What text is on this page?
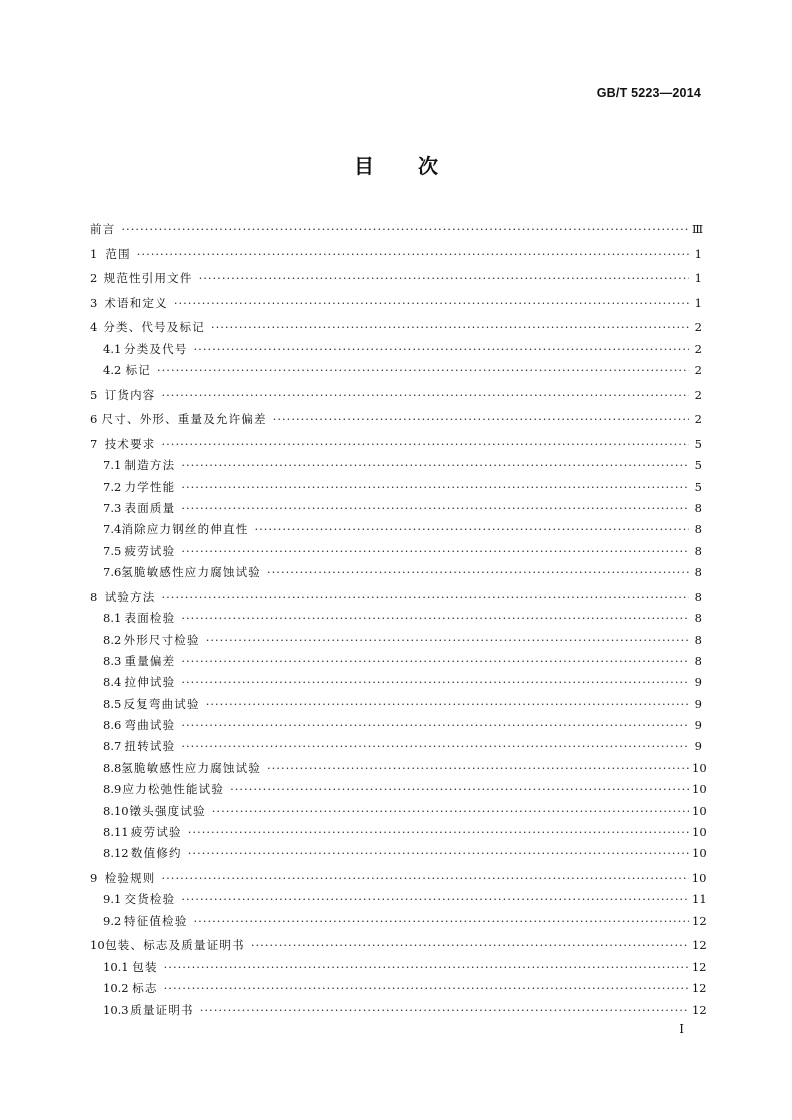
GB/T 5223—2014
目 次
前言 ·····	Ⅲ
1 范围 ·····	1
2 规范性引用文件 ·····	1
3 术语和定义 ·····	1
4 分类、代号及标记 ·····	2
4.1 分类及代号 ·····	2
4.2 标记 ·····	2
5 订货内容 ·····	2
6 尺寸、外形、重量及允许偏差 ·····	2
7 技术要求 ·····	5
7.1 制造方法 ·····	5
7.2 力学性能 ·····	5
7.3 表面质量 ·····	8
7.4 消除应力钢丝的伸直性 ·····	8
7.5 疲劳试验 ·····	8
7.6 氢脆敏感性应力腐蚀试验 ·····	8
8 试验方法 ·····	8
8.1 表面检验 ·····	8
8.2 外形尺寸检验 ·····	8
8.3 重量偏差 ·····	8
8.4 拉伸试验 ·····	9
8.5 反复弯曲试验 ·····	9
8.6 弯曲试验 ·····	9
8.7 扭转试验 ·····	9
8.8 氢脆敏感性应力腐蚀试验 ·····	10
8.9 应力松弛性能试验 ·····	10
8.10 镦头强度试验 ·····	10
8.11 疲劳试验 ·····	10
8.12 数值修约 ·····	10
9 检验规则 ·····	10
9.1 交货检验 ·····	11
9.2 特征值检验 ·····	12
10 包装、标志及质量证明书 ·····	12
10.1 包装 ·····	12
10.2 标志 ·····	12
10.3 质量证明书 ·····	12
I
